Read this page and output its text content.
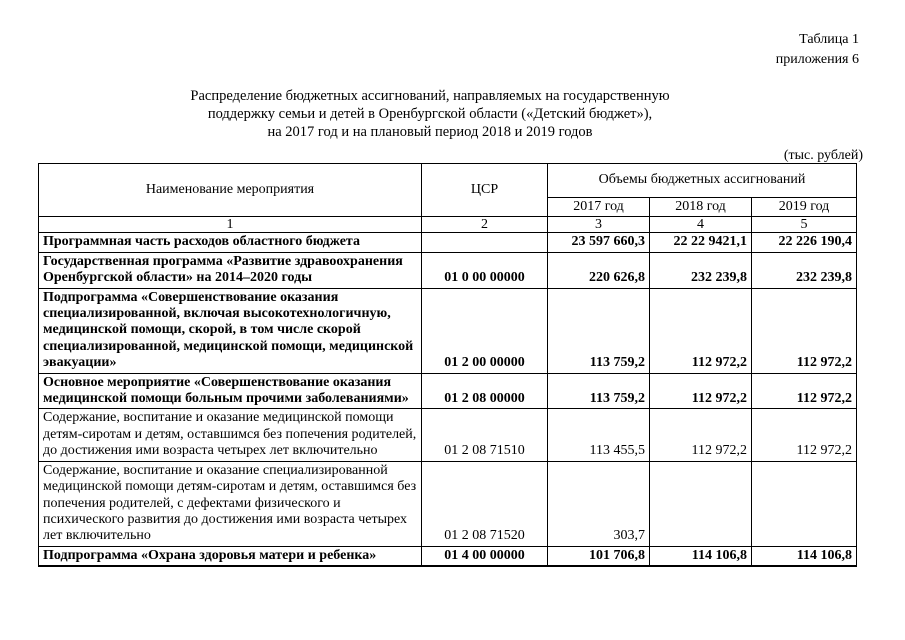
Таблица 1
приложения 6
Распределение бюджетных ассигнований, направляемых на государственную
поддержку семьи и детей в Оренбургской области («Детский бюджет»),
на 2017 год и на плановый период 2018 и 2019 годов
(тыс. рублей)
Наименование мероприятия	ЦСР	Объемы бюджетных ассигнований		
		2017 год	2018 год	2019 год
1	2	3	4	5
Программная часть расходов областного бюджета		23 597 660,3	22 22 9421,1	22 226 190,4
Государственная программа «Развитие здравоохранения Оренбургской области» на 2014–2020 годы	01 0 00 00000	220 626,8	232 239,8	232 239,8
Подпрограмма «Совершенствование оказания специализированной, включая высокотехнологичную, медицинской помощи, скорой, в том числе скорой специализированной, медицинской помощи, медицинской эвакуации»	01 2 00 00000	113 759,2	112 972,2	112 972,2
Основное мероприятие «Совершенствование оказания медицинской помощи больным прочими заболеваниями»	01 2 08 00000	113 759,2	112 972,2	112 972,2
Содержание, воспитание и оказание медицинской помощи детям-сиротам и детям, оставшимся без попечения родителей, до достижения ими возраста четырех лет включительно	01 2 08 71510	113 455,5	112 972,2	112 972,2
Содержание, воспитание и оказание специализированной медицинской помощи детям-сиротам и детям, оставшимся без попечения родителей, с дефектами физического и психического развития до достижения ими возраста четырех лет включительно	01 2 08 71520	303,7		
Подпрограмма «Охрана здоровья матери и ребенка»	01 4 00 00000	101 706,8	114 106,8	114 106,8
